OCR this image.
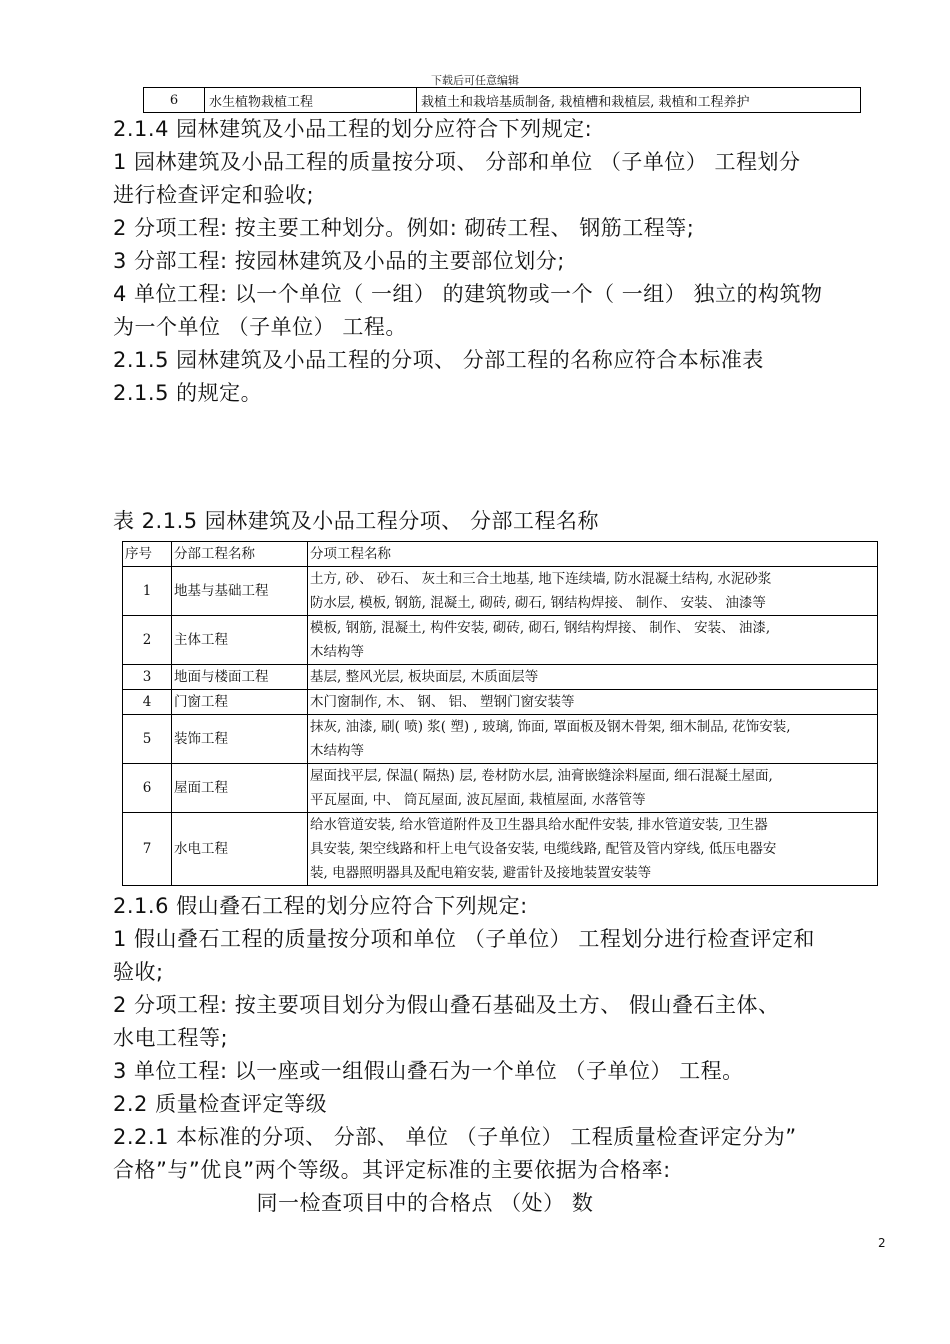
下载后可任意编辑
6	水生植物栽植工程	栽植土和栽培基质制备, 栽植槽和栽植层, 栽植和工程养护
2.1.4 园林建筑及小品工程的划分应符合下列规定:
1 园林建筑及小品工程的质量按分项、 分部和单位 （子单位） 工程划分
进行检查评定和验收;
2 分项工程: 按主要工种划分。例如: 砌砖工程、 钢筋工程等;
3 分部工程: 按园林建筑及小品的主要部位划分;
4 单位工程: 以一个单位（ 一组） 的建筑物或一个（ 一组） 独立的构筑物
为一个单位 （子单位） 工程。
2.1.5 园林建筑及小品工程的分项、 分部工程的名称应符合本标准表
2.1.5 的规定。
表 2.1.5 园林建筑及小品工程分项、 分部工程名称
序号	分部工程名称	分项工程名称
1	地基与基础工程	土方, 砂、 砂石、 灰土和三合土地基, 地下连续墙, 防水混凝土结构, 水泥砂浆
防水层, 模板, 钢筋, 混凝土, 砌砖, 砌石, 钢结构焊接、 制作、 安装、 油漆等

2	主体工程	模板, 钢筋, 混凝土, 构件安装, 砌砖, 砌石, 钢结构焊接、 制作、 安装、 油漆,
木结构等

3	地面与楼面工程	基层, 整风光层, 板块面层, 木质面层等

4	门窗工程	木门窗制作, 木、 钢、 铝、 塑钢门窗安装等

5	装饰工程	抹灰, 油漆, 刷( 喷) 浆( 塑) , 玻璃, 饰面, 罩面板及钢木骨架, 细木制品, 花饰安装,
木结构等

6	屋面工程	屋面找平层, 保温( 隔热) 层, 卷材防水层, 油膏嵌缝涂料屋面, 细石混凝土屋面,
平瓦屋面, 中、 筒瓦屋面, 波瓦屋面, 栽植屋面, 水落管等

7	水电工程	给水管道安装, 给水管道附件及卫生器具给水配件安装, 排水管道安装, 卫生器
具安装, 架空线路和杆上电气设备安装, 电缆线路, 配管及管内穿线, 低压电器安
装, 电器照明器具及配电箱安装, 避雷针及接地装置安装等
2.1.6 假山叠石工程的划分应符合下列规定:
1 假山叠石工程的质量按分项和单位 （子单位） 工程划分进行检查评定和
验收;
2 分项工程: 按主要项目划分为假山叠石基础及土方、 假山叠石主体、
水电工程等;
3 单位工程: 以一座或一组假山叠石为一个单位 （子单位） 工程。
2.2 质量检查评定等级
2.2.1 本标准的分项、 分部、 单位 （子单位） 工程质量检查评定分为”
合格”与”优良”两个等级。其评定标准的主要依据为合格率:
同一检查项目中的合格点 （处） 数
2
